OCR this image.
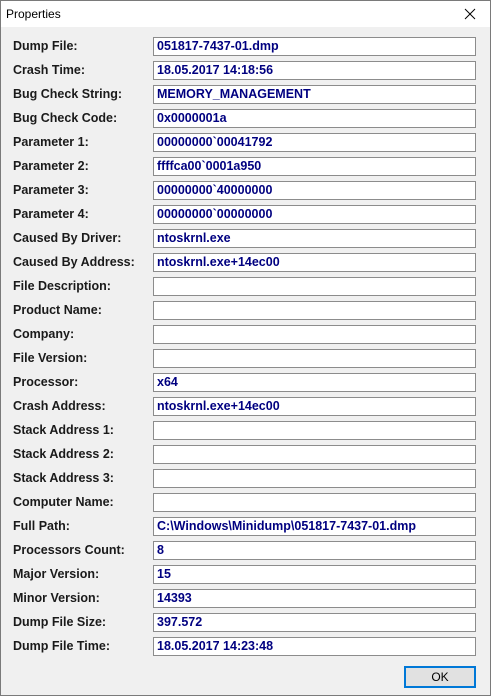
Properties
Dump File:	051817-7437-01.dmp
Crash Time:	18.05.2017 14:18:56
Bug Check String:	MEMORY_MANAGEMENT
Bug Check Code:	0x0000001a
Parameter 1:	00000000`00041792
Parameter 2:	ffffca00`0001a950
Parameter 3:	00000000`40000000
Parameter 4:	00000000`00000000
Caused By Driver:	ntoskrnl.exe
Caused By Address:	ntoskrnl.exe+14ec00
File Description:
Product Name:
Company:
File Version:
Processor:	x64
Crash Address:	ntoskrnl.exe+14ec00
Stack Address 1:
Stack Address 2:
Stack Address 3:
Computer Name:
Full Path:	C:\Windows\Minidump\051817-7437-01.dmp
Processors Count:	8
Major Version:	15
Minor Version:	14393
Dump File Size:	397.572
Dump File Time:	18.05.2017 14:23:48
OK
